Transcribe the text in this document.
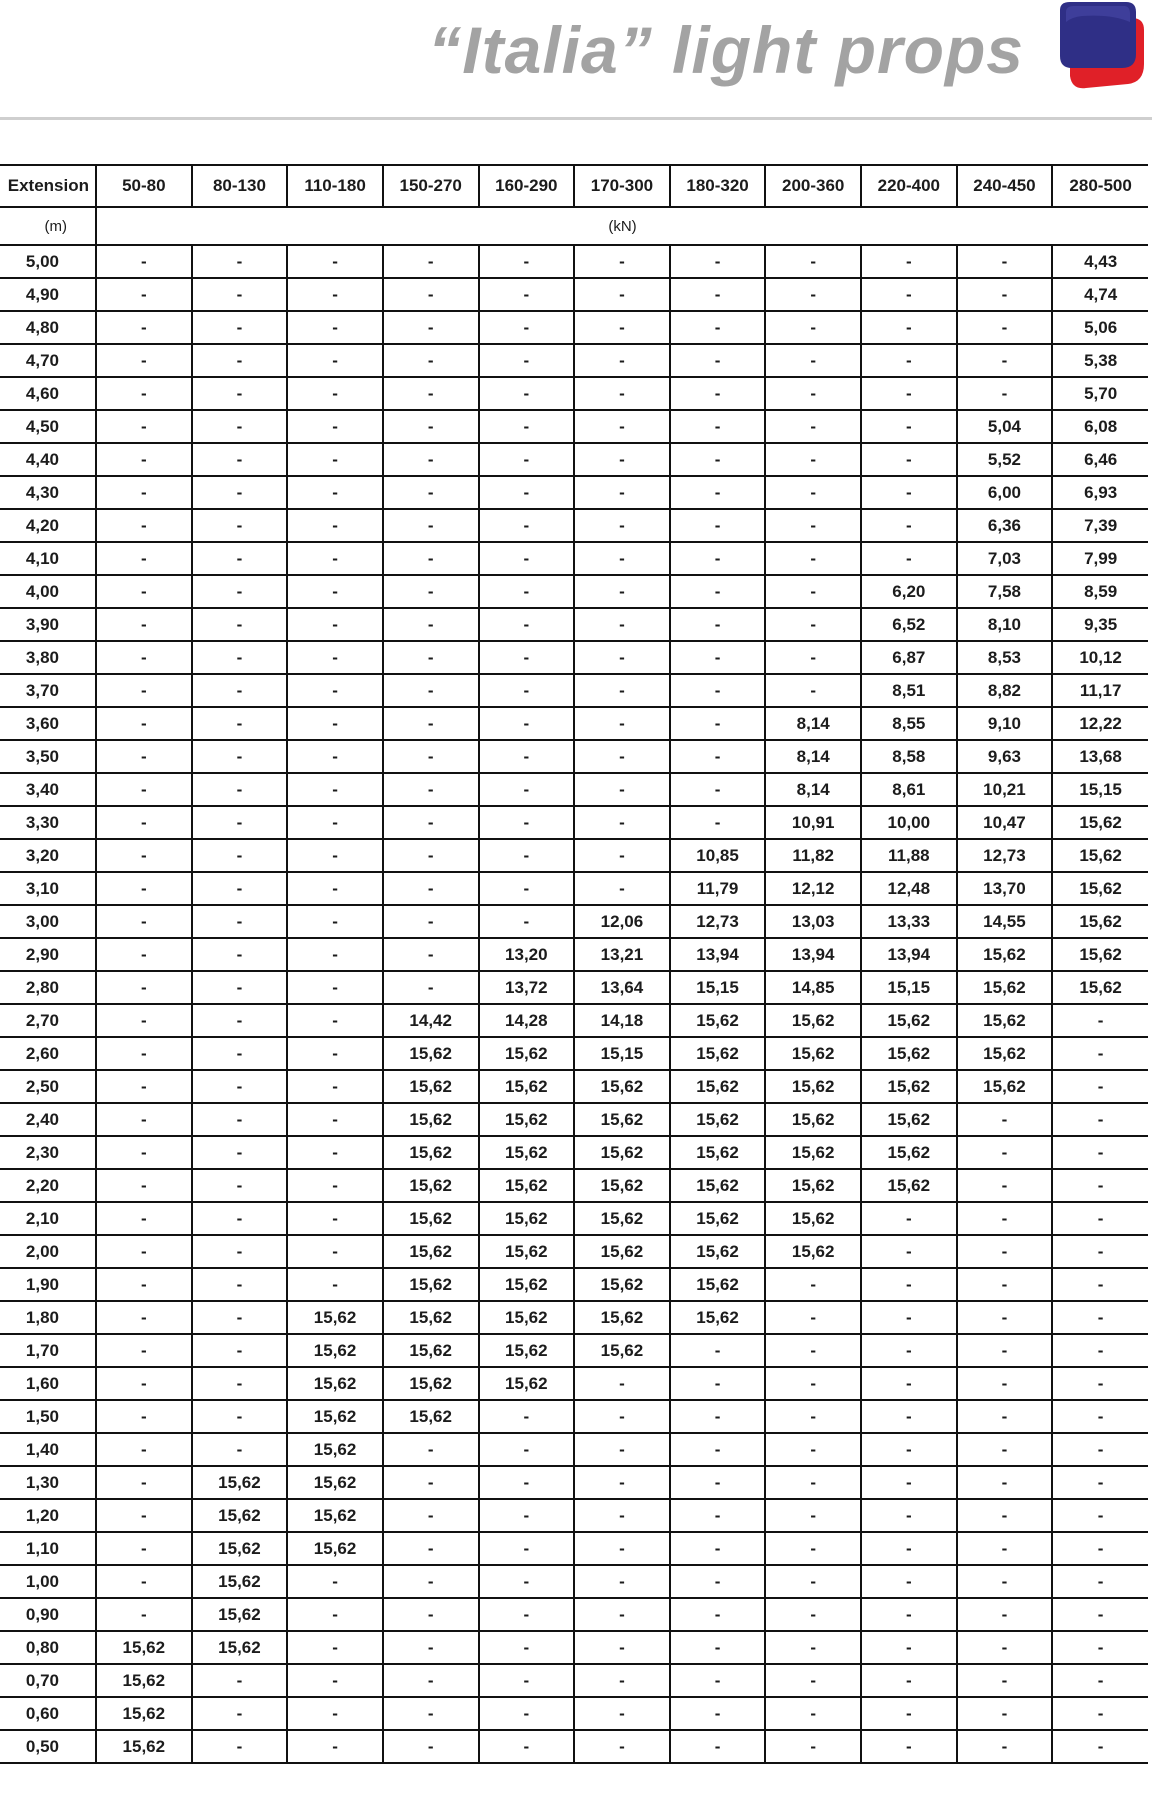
“Italia” light props
Extension	50-80	80-130	110-180	150-270	160-290	170-300	180-320	200-360	220-400	240-450	280-500
(m)	(kN)										
5,00	-	-	-	-	-	-	-	-	-	-	4,43
4,90	-	-	-	-	-	-	-	-	-	-	4,74
4,80	-	-	-	-	-	-	-	-	-	-	5,06
4,70	-	-	-	-	-	-	-	-	-	-	5,38
4,60	-	-	-	-	-	-	-	-	-	-	5,70
4,50	-	-	-	-	-	-	-	-	-	5,04	6,08
4,40	-	-	-	-	-	-	-	-	-	5,52	6,46
4,30	-	-	-	-	-	-	-	-	-	6,00	6,93
4,20	-	-	-	-	-	-	-	-	-	6,36	7,39
4,10	-	-	-	-	-	-	-	-	-	7,03	7,99
4,00	-	-	-	-	-	-	-	-	6,20	7,58	8,59
3,90	-	-	-	-	-	-	-	-	6,52	8,10	9,35
3,80	-	-	-	-	-	-	-	-	6,87	8,53	10,12
3,70	-	-	-	-	-	-	-	-	8,51	8,82	11,17
3,60	-	-	-	-	-	-	-	8,14	8,55	9,10	12,22
3,50	-	-	-	-	-	-	-	8,14	8,58	9,63	13,68
3,40	-	-	-	-	-	-	-	8,14	8,61	10,21	15,15
3,30	-	-	-	-	-	-	-	10,91	10,00	10,47	15,62
3,20	-	-	-	-	-	-	10,85	11,82	11,88	12,73	15,62
3,10	-	-	-	-	-	-	11,79	12,12	12,48	13,70	15,62
3,00	-	-	-	-	-	12,06	12,73	13,03	13,33	14,55	15,62
2,90	-	-	-	-	13,20	13,21	13,94	13,94	13,94	15,62	15,62
2,80	-	-	-	-	13,72	13,64	15,15	14,85	15,15	15,62	15,62
2,70	-	-	-	14,42	14,28	14,18	15,62	15,62	15,62	15,62	-
2,60	-	-	-	15,62	15,62	15,15	15,62	15,62	15,62	15,62	-
2,50	-	-	-	15,62	15,62	15,62	15,62	15,62	15,62	15,62	-
2,40	-	-	-	15,62	15,62	15,62	15,62	15,62	15,62	-	-
2,30	-	-	-	15,62	15,62	15,62	15,62	15,62	15,62	-	-
2,20	-	-	-	15,62	15,62	15,62	15,62	15,62	15,62	-	-
2,10	-	-	-	15,62	15,62	15,62	15,62	15,62	-	-	-
2,00	-	-	-	15,62	15,62	15,62	15,62	15,62	-	-	-
1,90	-	-	-	15,62	15,62	15,62	15,62	-	-	-	-
1,80	-	-	15,62	15,62	15,62	15,62	15,62	-	-	-	-
1,70	-	-	15,62	15,62	15,62	15,62	-	-	-	-	-
1,60	-	-	15,62	15,62	15,62	-	-	-	-	-	-
1,50	-	-	15,62	15,62	-	-	-	-	-	-	-
1,40	-	-	15,62	-	-	-	-	-	-	-	-
1,30	-	15,62	15,62	-	-	-	-	-	-	-	-
1,20	-	15,62	15,62	-	-	-	-	-	-	-	-
1,10	-	15,62	15,62	-	-	-	-	-	-	-	-
1,00	-	15,62	-	-	-	-	-	-	-	-	-
0,90	-	15,62	-	-	-	-	-	-	-	-	-
0,80	15,62	15,62	-	-	-	-	-	-	-	-	-
0,70	15,62	-	-	-	-	-	-	-	-	-	-
0,60	15,62	-	-	-	-	-	-	-	-	-	-
0,50	15,62	-	-	-	-	-	-	-	-	-	-
